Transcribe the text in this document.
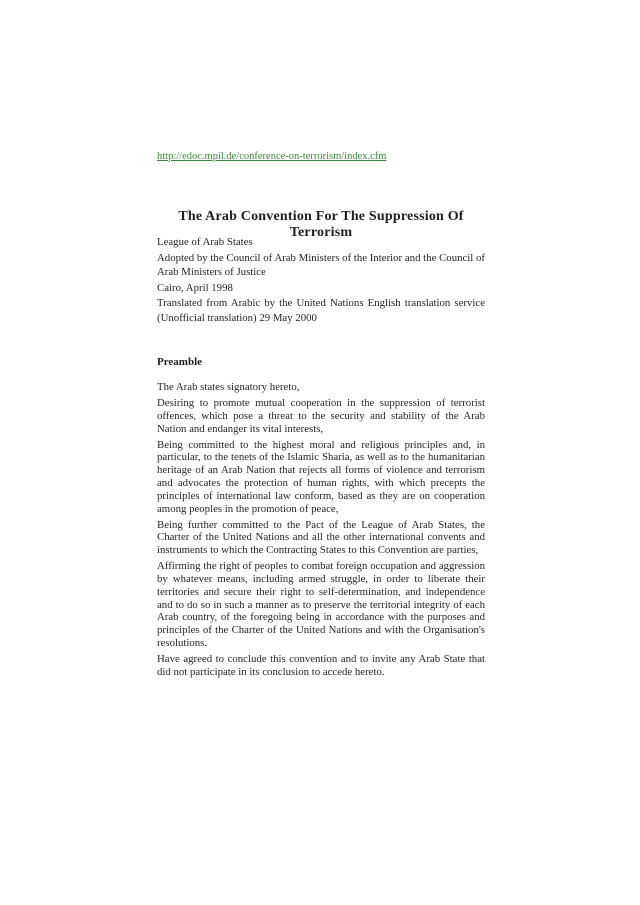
http://edoc.mpil.de/conference-on-terrorism/index.cfm
The Arab Convention For The Suppression Of Terrorism

League of Arab States

Adopted by the Council of Arab Ministers of the Interior and the Council of Arab Ministers of Justice

Cairo, April 1998

Translated from Arabic by the United Nations English translation service (Unofficial translation) 29 May 2000

Preamble

The Arab states signatory hereto,

Desiring to promote mutual cooperation in the suppression of terrorist offences, which pose a threat to the security and stability of the Arab Nation and endanger its vital interests,

Being committed to the highest moral and religious principles and, in particular, to the tenets of the Islamic Sharia, as well as to the humanitarian heritage of an Arab Nation that rejects all forms of violence and terrorism and advocates the protection of human rights, with which precepts the principles of international law conform, based as they are on cooperation among peoples in the promotion of peace,

Being further committed to the Pact of the League of Arab States, the Charter of the United Nations and all the other international convents and instruments to which the Contracting States to this Convention are parties,

Affirming the right of peoples to combat foreign occupation and aggression by whatever means, including armed struggle, in order to liberate their territories and secure their right to self-determination, and independence and to do so in such a manner as to preserve the territorial integrity of each Arab country, of the foregoing being in accordance with the purposes and principles of the Charter of the United Nations and with the Organisation's resolutions.

Have agreed to conclude this convention and to invite any Arab State that did not participate in its conclusion to accede hereto.
